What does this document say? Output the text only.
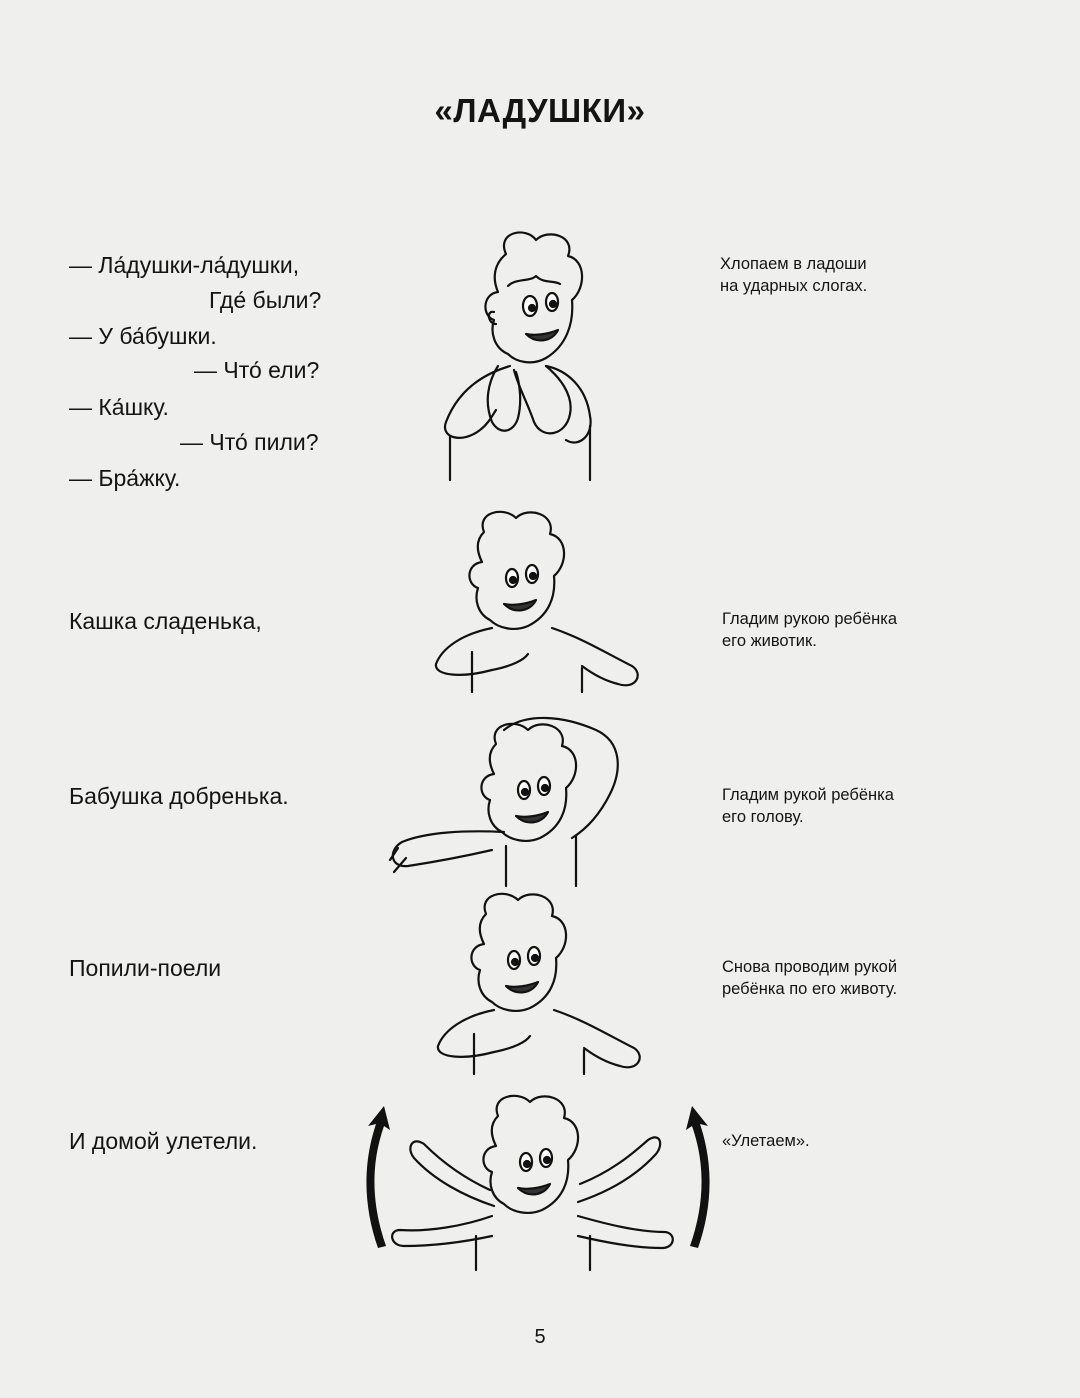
«ЛАДУШКИ»
— Ла́душки-ла́душки,
Где́ были?
— У ба́бушки.
— Что́ ели?
— Ка́шку.
— Что́ пили?
— Бра́жку.
Хлопаем в ладоши
на ударных слогах.
Кашка сладенька,	Гладим рукою ребёнка
его животик.
Бабушка добренька.	Гладим рукой ребёнка
его голову.
Попили-поели	Снова проводим рукой
ребёнка по его животу.
И домой улетели.	«Улетаем».
5
